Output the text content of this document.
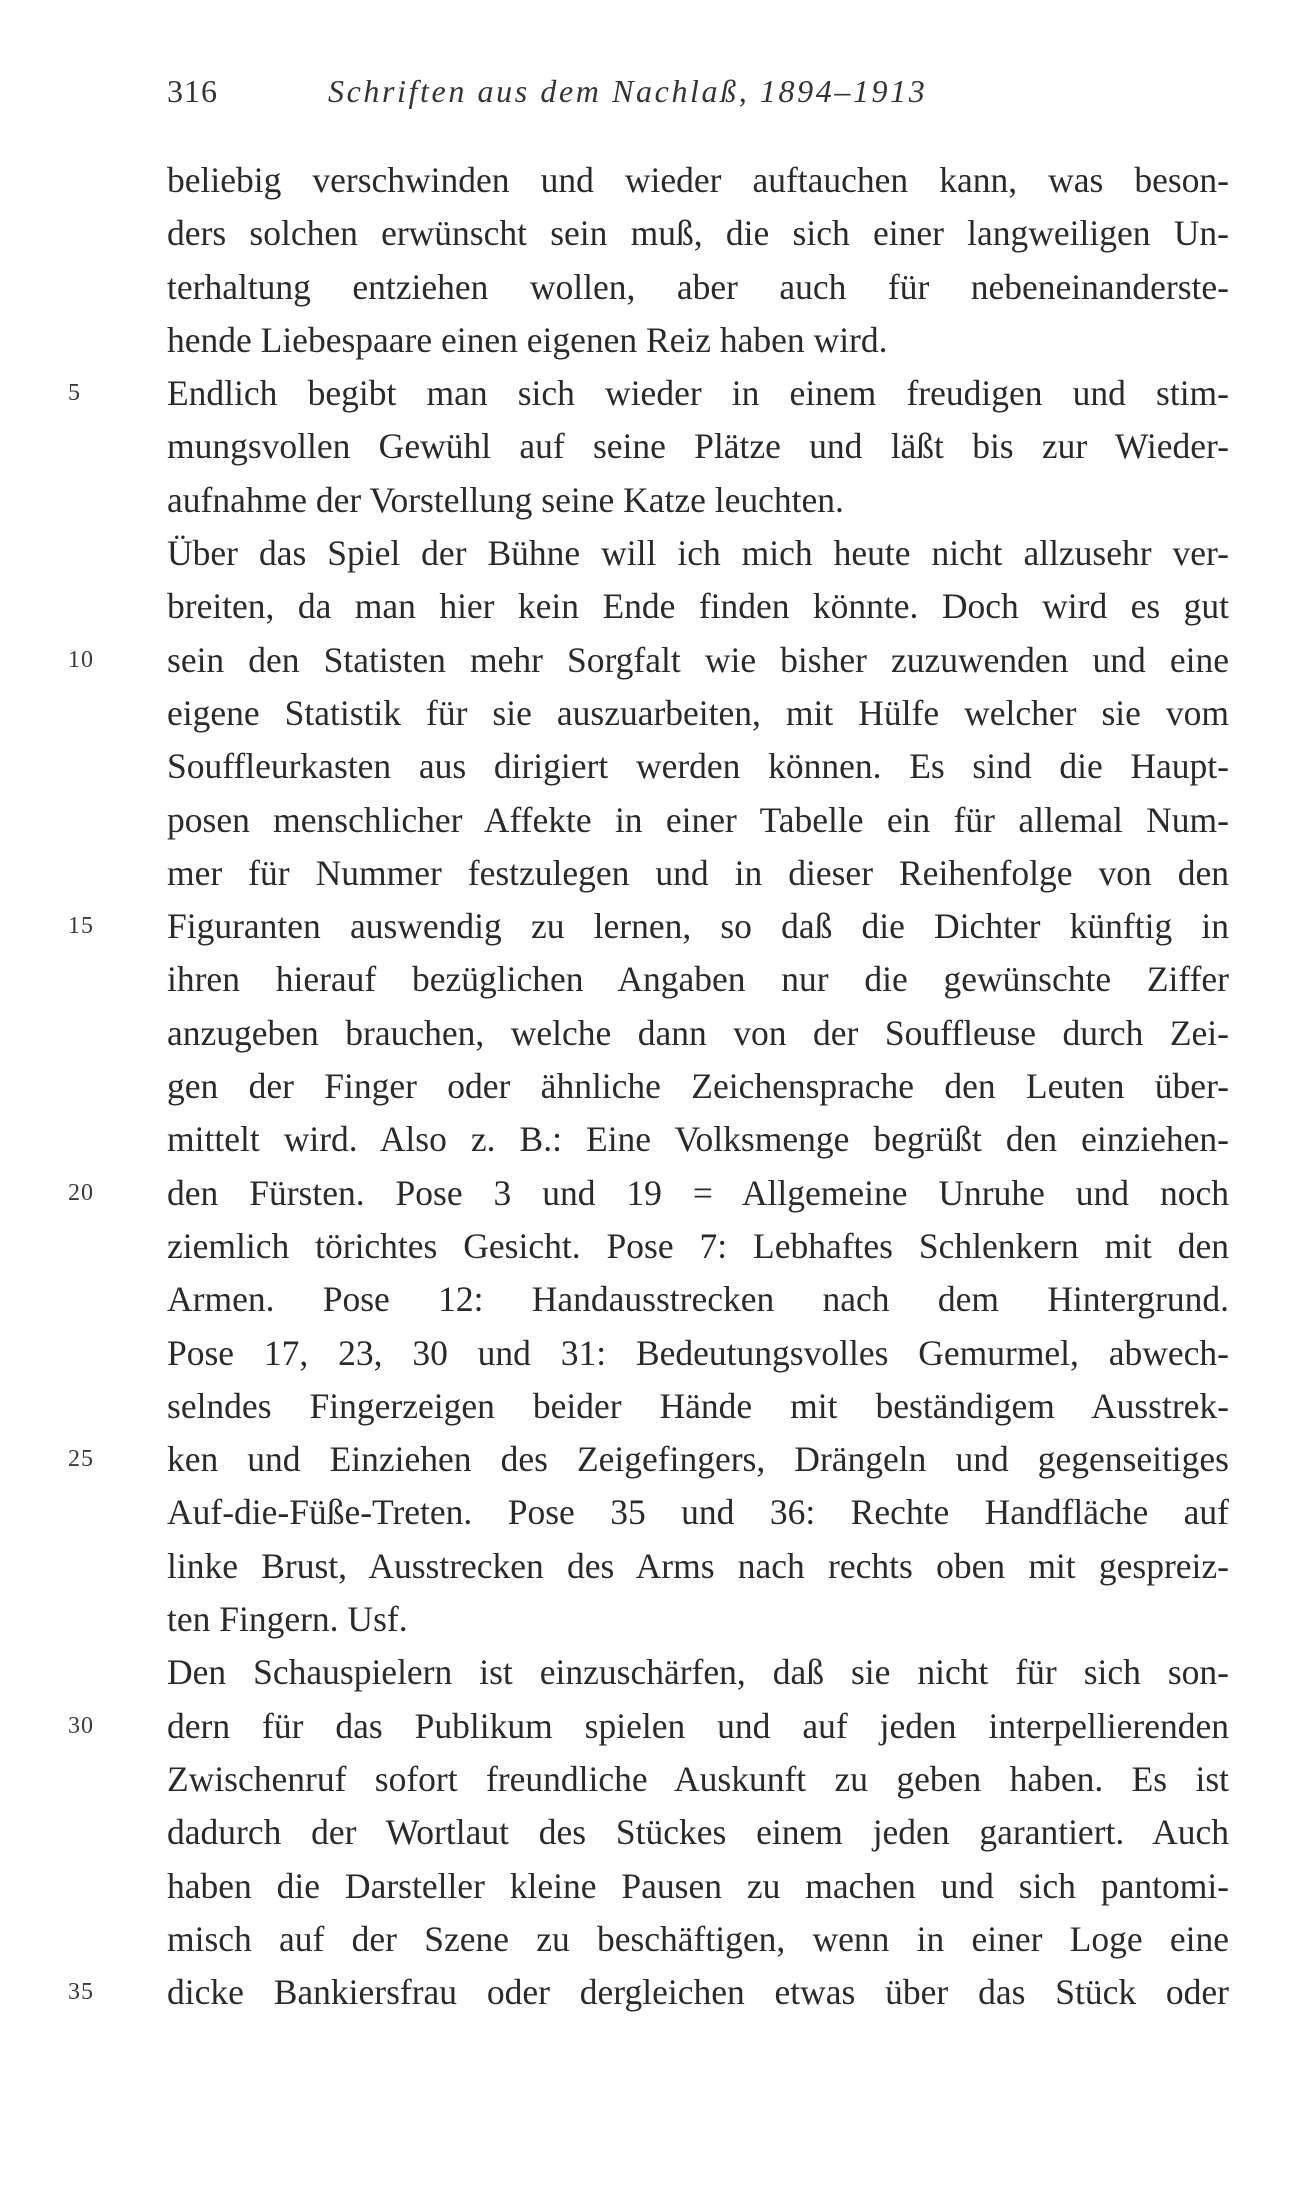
316	Schriften aus dem Nachlaß, 1894–1913
beliebig verschwinden und wieder auftauchen kann, was beson-
ders solchen erwünscht sein muß, die sich einer langweiligen Un-
terhaltung entziehen wollen, aber auch für nebeneinanderste-
hende Liebespaare einen eigenen Reiz haben wird.
5	Endlich begibt man sich wieder in einem freudigen und stim-
mungsvollen Gewühl auf seine Plätze und läßt bis zur Wieder-
aufnahme der Vorstellung seine Katze leuchten.
Über das Spiel der Bühne will ich mich heute nicht allzusehr ver-
breiten, da man hier kein Ende finden könnte. Doch wird es gut
10	sein den Statisten mehr Sorgfalt wie bisher zuzuwenden und eine
eigene Statistik für sie auszuarbeiten, mit Hülfe welcher sie vom
Souffleurkasten aus dirigiert werden können. Es sind die Haupt-
posen menschlicher Affekte in einer Tabelle ein für allemal Num-
mer für Nummer festzulegen und in dieser Reihenfolge von den
15	Figuranten auswendig zu lernen, so daß die Dichter künftig in
ihren hierauf bezüglichen Angaben nur die gewünschte Ziffer
anzugeben brauchen, welche dann von der Souffleuse durch Zei-
gen der Finger oder ähnliche Zeichensprache den Leuten über-
mittelt wird. Also z. B.: Eine Volksmenge begrüßt den einziehen-
20	den Fürsten. Pose 3 und 19 = Allgemeine Unruhe und noch
ziemlich törichtes Gesicht. Pose 7: Lebhaftes Schlenkern mit den
Armen. Pose 12: Handausstrecken nach dem Hintergrund.
Pose 17, 23, 30 und 31: Bedeutungsvolles Gemurmel, abwech-
selndes Fingerzeigen beider Hände mit beständigem Ausstrek-
25	ken und Einziehen des Zeigefingers, Drängeln und gegenseitiges
Auf-die-Füße-Treten. Pose 35 und 36: Rechte Handfläche auf
linke Brust, Ausstrecken des Arms nach rechts oben mit gespreiz-
ten Fingern. Usf.
Den Schauspielern ist einzuschärfen, daß sie nicht für sich son-
30	dern für das Publikum spielen und auf jeden interpellierenden
Zwischenruf sofort freundliche Auskunft zu geben haben. Es ist
dadurch der Wortlaut des Stückes einem jeden garantiert. Auch
haben die Darsteller kleine Pausen zu machen und sich pantomi-
misch auf der Szene zu beschäftigen, wenn in einer Loge eine
35	dicke Bankiersfrau oder dergleichen etwas über das Stück oder
